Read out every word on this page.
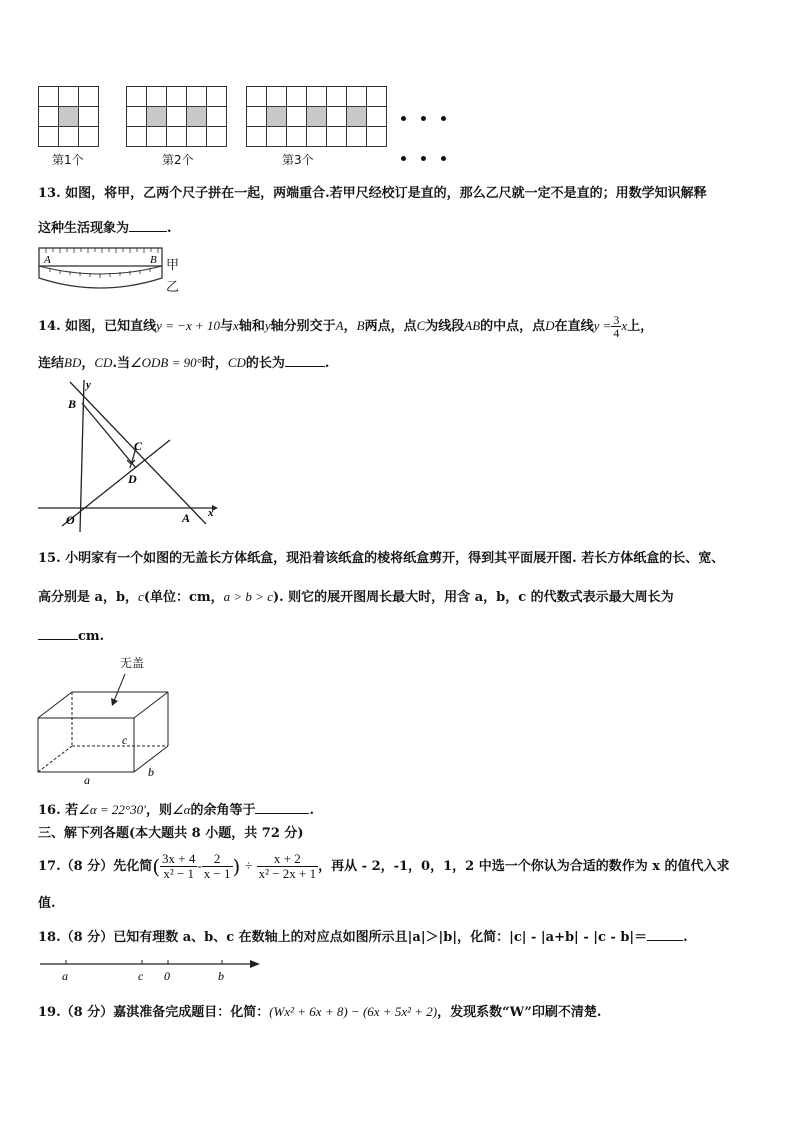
第1个	第2个	第3个
13. 如图，将甲，乙两个尺子拼在一起，两端重合.若甲尺经校订是直的，那么乙尺就一定不是直的；用数学知识解释
这种生活现象为	.
A	B 甲
乙
14. 如图，已知直线y = −x + 10与x轴和y轴分别交于A，B两点，点C为线段AB的中点，点D在直线$y = \frac{3}{4}$ x上，
连结BD，CD.当∠ODB = 90°时，CD的长为	.
y
x
B
C
D
O	A
15. 小明家有一个如图的无盖长方体纸盒，现沿着该纸盒的棱将纸盒剪开，得到其平面展开图. 若长方体纸盒的长、宽、
高分别是 a，b，c(单位：cm，a > b > c). 则它的展开图周长最大时，用含 a，b，c 的代数式表示最大周长为
cm.
无盖
c
a
b
16. 若∠α = 22°30′，则∠α的余角等于	.
三、解下列各题(本大题共 8 小题，共 72 分)
17.（8 分）先化简( $\frac{3x + 4}{\text{x² − 1}} - \frac{2}{x - 1}$ ) ÷ $\frac{x + 2}{\text{x² − 2x + 1}}$ ，再从 - 2，-1，0，1，2 中选一个你认为合适的数作为 x 的值代入求
值.
18.（8 分）已知有理数 a、b、c 在数轴上的对应点如图所示且|a|＞|b|，化简：|c| - |a+b| - |c - b|＝	.
a	c 0	b
19.（8 分）嘉淇准备完成题目：化简：(Wx² + 6x + 8) − (6x + 5x² + 2)，发现系数“W”印刷不清楚.
